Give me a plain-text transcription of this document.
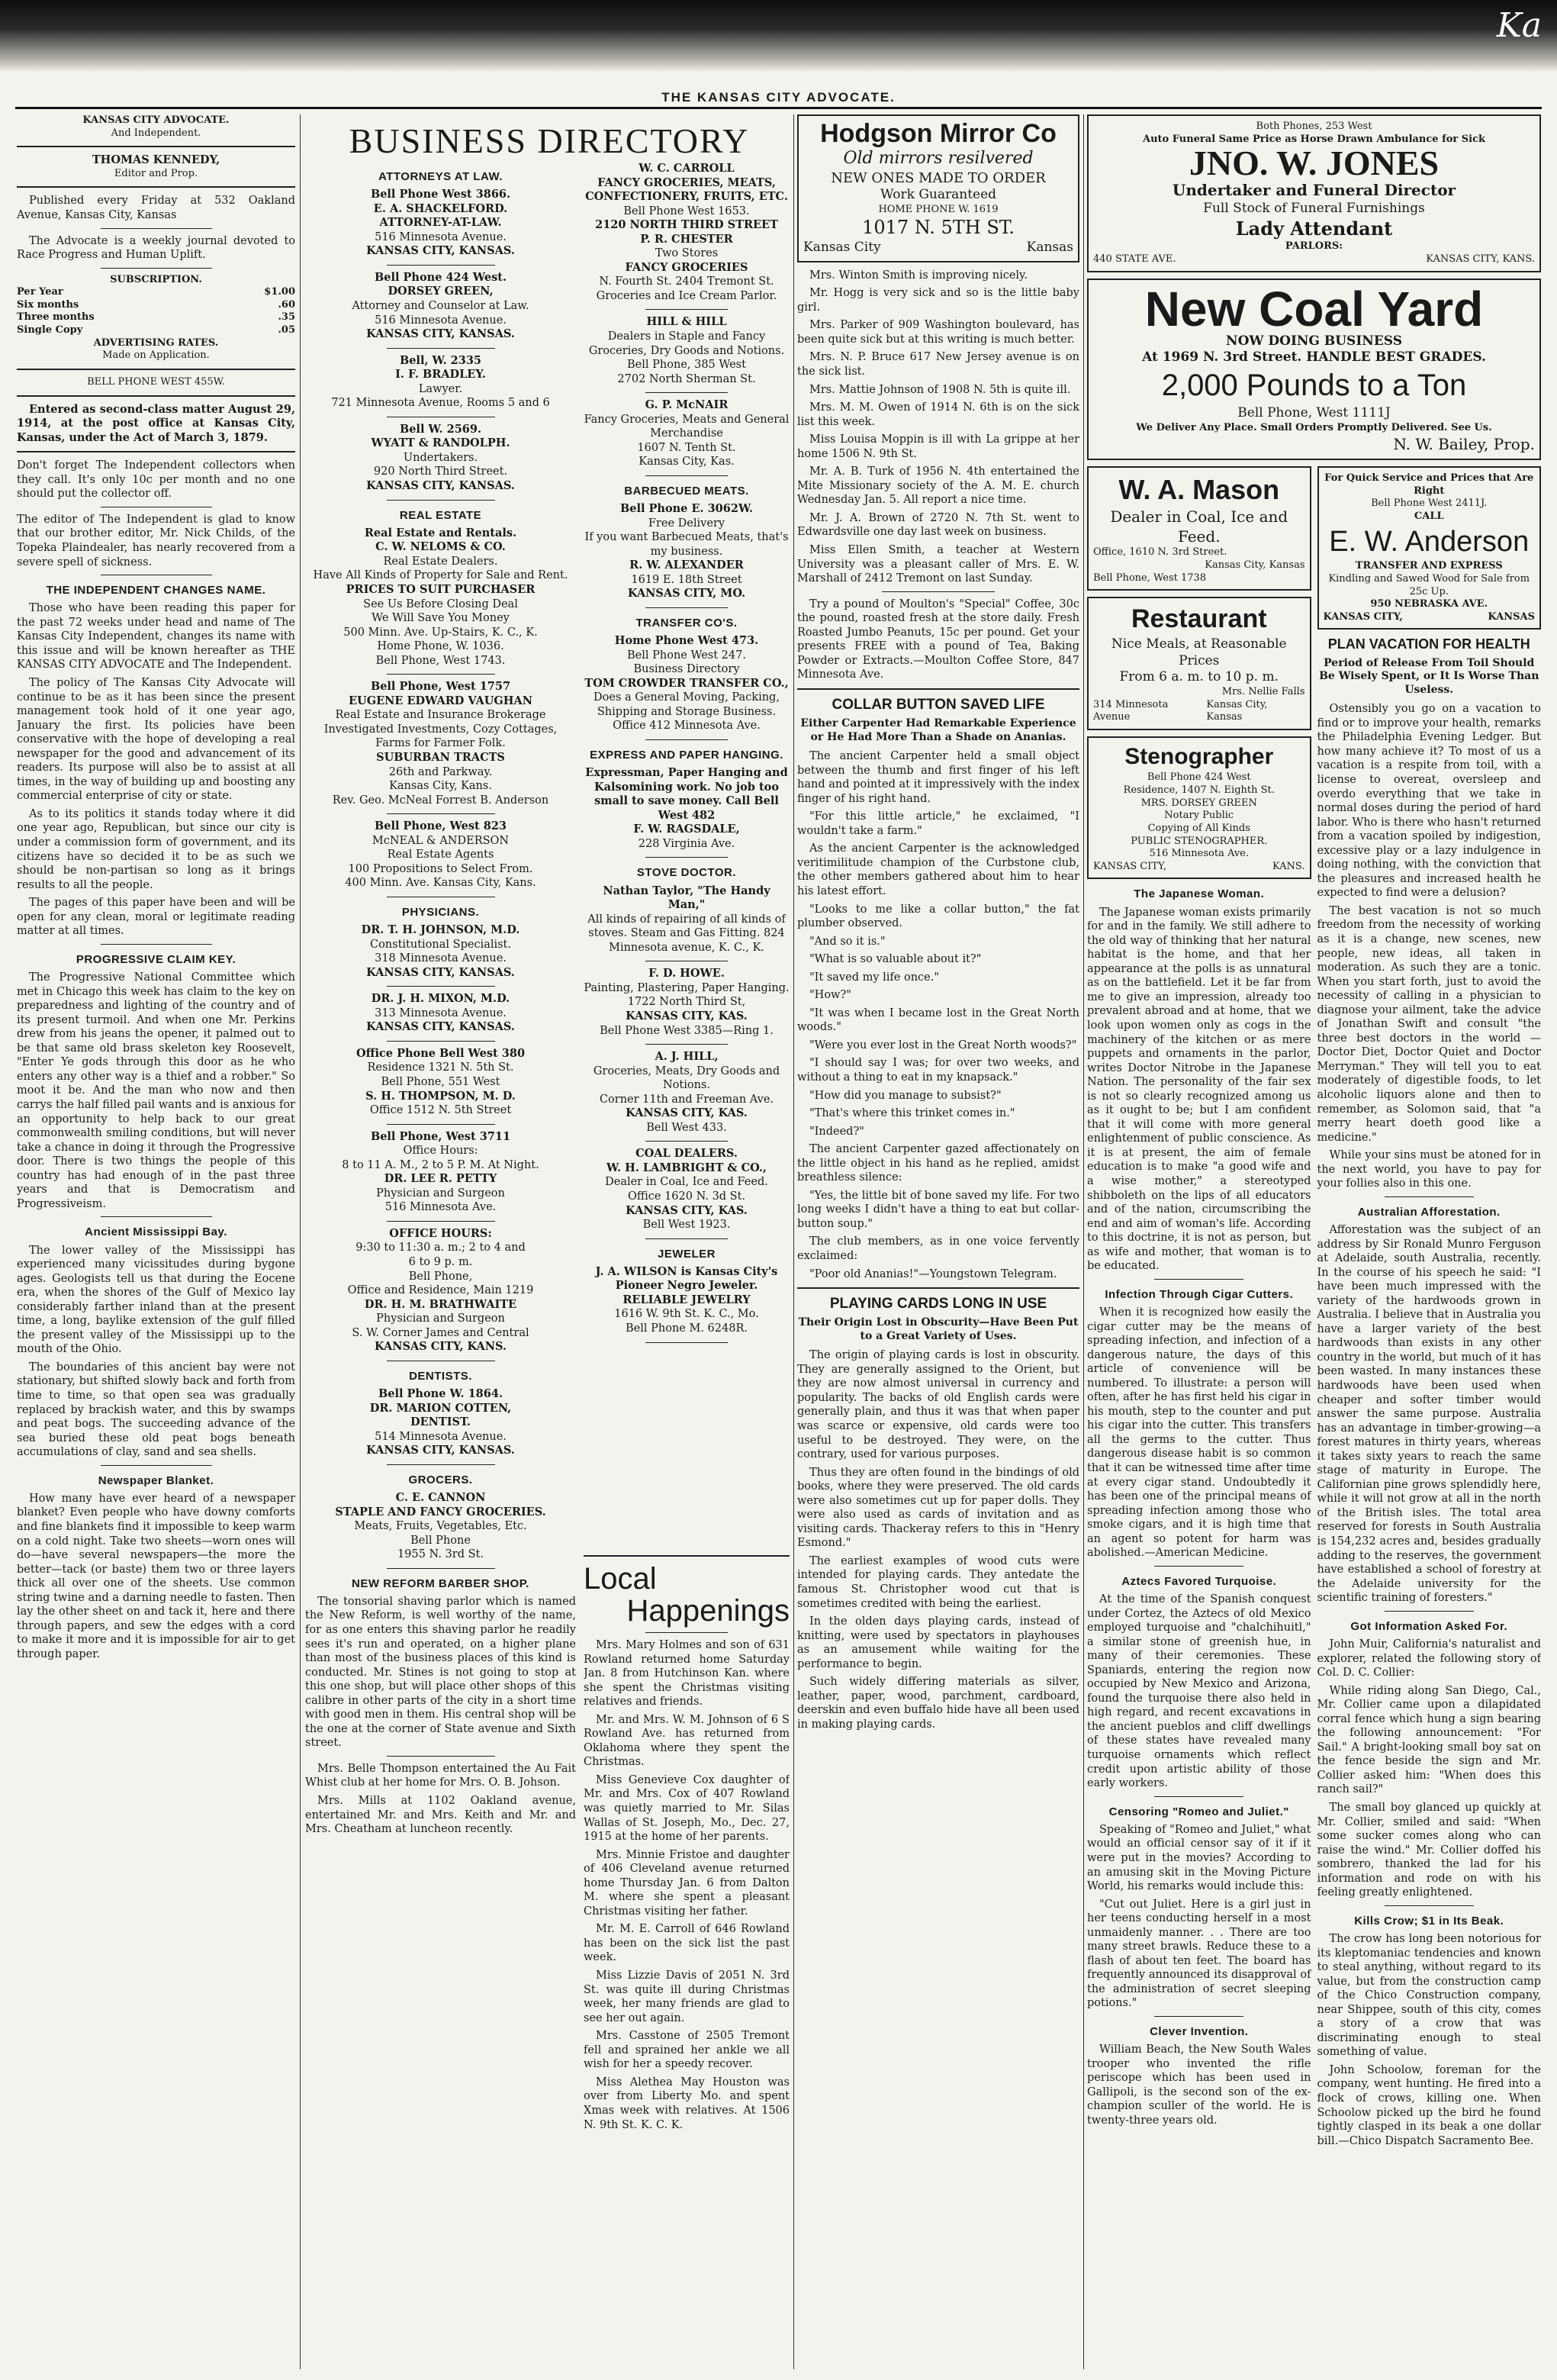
Ka
THE KANSAS CITY ADVOCATE.
BUSINESS DIRECTORY
KANSAS CITY ADVOCATE.
And Independent.
THOMAS KENNEDY,
Editor and Prop.

Published every Friday at 532 Oakland Avenue, Kansas City, Kansas

The Advocate is a weekly journal devoted to Race Progress and Human Uplift.

SUBSCRIPTION.
Per Year	$1.00
Six months	.60
Three months	.35
Single Copy	.05
ADVERTISING RATES.
Made on Application.
BELL PHONE WEST 455W.

Entered as second-class matter August 29, 1914, at the post office at Kansas City, Kansas, under the Act of March 3, 1879.

Don't forget The Independent collectors when they call. It's only 10c per month and no one should put the collector off.

The editor of The Independent is glad to know that our brother editor, Mr. Nick Childs, of the Topeka Plaindealer, has nearly recovered from a severe spell of sickness.

THE INDEPENDENT CHANGES NAME.

Those who have been reading this paper for the past 72 weeks under head and name of The Kansas City Independent, changes its name with this issue and will be known hereafter as THE KANSAS CITY ADVOCATE and The Independent.

The policy of The Kansas City Advocate will continue to be as it has been since the present management took hold of it one year ago, January the first. Its policies have been conservative with the hope of developing a real newspaper for the good and advancement of its readers. Its purpose will also be to assist at all times, in the way of building up and boosting any commercial enterprise of city or state.

As to its politics it stands today where it did one year ago, Republican, but since our city is under a commission form of government, and its citizens have so decided it to be as such we should be non-partisan so long as it brings results to all the people.

The pages of this paper have been and will be open for any clean, moral or legitimate reading matter at all times.

PROGRESSIVE CLAIM KEY.

The Progressive National Committee which met in Chicago this week has claim to the key on preparedness and lighting of the country and of its present turmoil. And when one Mr. Perkins drew from his jeans the opener, it palmed out to be that same old brass skeleton key Roosevelt, "Enter Ye gods through this door as he who enters any other way is a thief and a robber." So moot it be. And the man who now and then carrys the half filled pail wants and is anxious for an opportunity to help back to our great commonwealth smiling conditions, but will never take a chance in doing it through the Progressive door. There is two things the people of this country has had enough of in the past three years and that is Democratism and Progressiveism.

Ancient Mississippi Bay.

The lower valley of the Mississippi has experienced many vicissitudes during bygone ages. Geologists tell us that during the Eocene era, when the shores of the Gulf of Mexico lay considerably farther inland than at the present time, a long, baylike extension of the gulf filled the present valley of the Mississippi up to the mouth of the Ohio.

The boundaries of this ancient bay were not stationary, but shifted slowly back and forth from time to time, so that open sea was gradually replaced by brackish water, and this by swamps and peat bogs. The succeeding advance of the sea buried these old peat bogs beneath accumulations of clay, sand and sea shells.

Newspaper Blanket.

How many have ever heard of a newspaper blanket? Even people who have downy comforts and fine blankets find it impossible to keep warm on a cold night. Take two sheets—worn ones will do—have several newspapers—the more the better—tack (or baste) them two or three layers thick all over one of the sheets. Use common string twine and a darning needle to fasten. Then lay the other sheet on and tack it, here and there through papers, and sew the edges with a cord to make it more and it is impossible for air to get through paper.

ATTORNEYS AT LAW.
Bell Phone West 3866.
E. A. SHACKELFORD.
ATTORNEY-AT-LAW.
516 Minnesota Avenue.
KANSAS CITY, KANSAS.
Bell Phone 424 West.
DORSEY GREEN,
Attorney and Counselor at Law.
516 Minnesota Avenue.
KANSAS CITY, KANSAS.
Bell, W. 2335
I. F. BRADLEY.
Lawyer.
721 Minnesota Avenue, Rooms 5 and 6
Bell W. 2569.
WYATT & RANDOLPH.
Undertakers.
920 North Third Street.
KANSAS CITY, KANSAS.
REAL ESTATE
Real Estate and Rentals.
C. W. NELOMS & CO.
Real Estate Dealers.
Have All Kinds of Property for Sale and Rent.
PRICES TO SUIT PURCHASER
See Us Before Closing Deal
We Will Save You Money
500 Minn. Ave. Up-Stairs, K. C., K.
Home Phone, W. 1036.
Bell Phone, West 1743.
Bell Phone, West 1757
EUGENE EDWARD VAUGHAN
Real Estate and Insurance Brokerage
Investigated Investments, Cozy Cottages, Farms for Farmer Folk.
SUBURBAN TRACTS
26th and Parkway.
Kansas City, Kans.
Rev. Geo. McNeal Forrest B. Anderson
Bell Phone, West 823
McNEAL & ANDERSON
Real Estate Agents
100 Propositions to Select From.
400 Minn. Ave. Kansas City, Kans.
PHYSICIANS.
DR. T. H. JOHNSON, M.D.
Constitutional Specialist.
318 Minnesota Avenue.
KANSAS CITY, KANSAS.
DR. J. H. MIXON, M.D.
313 Minnesota Avenue.
KANSAS CITY, KANSAS.
Office Phone Bell West 380
Residence 1321 N. 5th St.
Bell Phone, 551 West
S. H. THOMPSON, M. D.
Office 1512 N. 5th Street
Bell Phone, West 3711
Office Hours:
8 to 11 A. M., 2 to 5 P. M. At Night.
DR. LEE R. PETTY
Physician and Surgeon
516 Minnesota Ave.
OFFICE HOURS:
9:30 to 11:30 a. m.; 2 to 4 and
6 to 9 p. m.
Bell Phone,
Office and Residence, Main 1219
DR. H. M. BRATHWAITE
Physician and Surgeon
S. W. Corner James and Central
KANSAS CITY, KANS.
DENTISTS.
Bell Phone W. 1864.
DR. MARION COTTEN,
DENTIST.
514 Minnesota Avenue.
KANSAS CITY, KANSAS.
GROCERS.
C. E. CANNON
STAPLE AND FANCY GROCERIES.
Meats, Fruits, Vegetables, Etc.
Bell Phone
1955 N. 3rd St.
NEW REFORM BARBER SHOP.

The tonsorial shaving parlor which is named the New Reform, is well worthy of the name, for as one enters this shaving parlor he readily sees it's run and operated, on a higher plane than most of the business places of this kind is conducted. Mr. Stines is not going to stop at this one shop, but will place other shops of this calibre in other parts of the city in a short time with good men in them. His central shop will be the one at the corner of State avenue and Sixth street.

Mrs. Belle Thompson entertained the Au Fait Whist club at her home for Mrs. O. B. Johson.

Mrs. Mills at 1102 Oakland avenue, entertained Mr. and Mrs. Keith and Mr. and Mrs. Cheatham at luncheon recently.

W. C. CARROLL
FANCY GROCERIES, MEATS, CONFECTIONERY, FRUITS, ETC.
Bell Phone West 1653.
2120 NORTH THIRD STREET
P. R. CHESTER
Two Stores
FANCY GROCERIES
N. Fourth St. 2404 Tremont St.
Groceries and Ice Cream Parlor.
HILL & HILL
Dealers in Staple and Fancy Groceries, Dry Goods and Notions.
Bell Phone, 385 West
2702 North Sherman St.
G. P. McNAIR
Fancy Groceries, Meats and General Merchandise
1607 N. Tenth St.
Kansas City, Kas.
BARBECUED MEATS.
Bell Phone E. 3062W.
Free Delivery
If you want Barbecued Meats, that's my business.
R. W. ALEXANDER
1619 E. 18th Street
KANSAS CITY, MO.
TRANSFER CO'S.
Home Phone West 473.
Bell Phone West 247.
Business Directory
TOM CROWDER TRANSFER CO.,
Does a General Moving, Packing, Shipping and Storage Business.
Office 412 Minnesota Ave.
EXPRESS AND PAPER HANGING.
Expressman, Paper Hanging and Kalsomining work. No job too small to save money. Call Bell West 482
F. W. RAGSDALE,
228 Virginia Ave.
STOVE DOCTOR.
Nathan Taylor, "The Handy Man,"
All kinds of repairing of all kinds of stoves. Steam and Gas Fitting. 824 Minnesota avenue, K. C., K.
F. D. HOWE.
Painting, Plastering, Paper Hanging.
1722 North Third St,
KANSAS CITY, KAS.
Bell Phone West 3385—Ring 1.
A. J. HILL,
Groceries, Meats, Dry Goods and Notions.
Corner 11th and Freeman Ave.
KANSAS CITY, KAS.
Bell West 433.
COAL DEALERS.
W. H. LAMBRIGHT & CO.,
Dealer in Coal, Ice and Feed.
Office 1620 N. 3d St.
KANSAS CITY, KAS.
Bell West 1923.
JEWELER
J. A. WILSON is Kansas City's Pioneer Negro Jeweler.
RELIABLE JEWELRY
1616 W. 9th St. K. C., Mo.
Bell Phone M. 6248R.
Hodgson Mirror Co
Old mirrors resilvered
NEW ONES MADE TO ORDER
Work Guaranteed
HOME PHONE W. 1619
1017 N. 5TH ST.
Kansas City	Kansas

Mrs. Winton Smith is improving nicely.

Mr. Hogg is very sick and so is the little baby girl.

Mrs. Parker of 909 Washington boulevard, has been quite sick but at this writing is much better.

Mrs. N. P. Bruce 617 New Jersey avenue is on the sick list.

Mrs. Mattie Johnson of 1908 N. 5th is quite ill.

Mrs. M. M. Owen of 1914 N. 6th is on the sick list this week.

Miss Louisa Moppin is ill with La grippe at her home 1506 N. 9th St.

Mr. A. B. Turk of 1956 N. 4th entertained the Mite Missionary society of the A. M. E. church Wednesday Jan. 5. All report a nice time.

Mr. J. A. Brown of 2720 N. 7th St. went to Edwardsville one day last week on business.

Miss Ellen Smith, a teacher at Western University was a pleasant caller of Mrs. E. W. Marshall of 2412 Tremont on last Sunday.

Try a pound of Moulton's "Special" Coffee, 30c the pound, roasted fresh at the store daily. Fresh Roasted Jumbo Peanuts, 15c per pound. Get your presents FREE with a pound of Tea, Baking Powder or Extracts.—Moulton Coffee Store, 847 Minnesota Ave.

COLLAR BUTTON SAVED LIFE
Either Carpenter Had Remarkable Experience or He Had More Than a Shade on Ananias.

The ancient Carpenter held a small object between the thumb and first finger of his left hand and pointed at it impressively with the index finger of his right hand.

"For this little article," he exclaimed, "I wouldn't take a farm."

As the ancient Carpenter is the acknowledged veritimilitude champion of the Curbstone club, the other members gathered about him to hear his latest effort.

"Looks to me like a collar button," the fat plumber observed.

"And so it is."

"What is so valuable about it?"

"It saved my life once."

"How?"

"It was when I became lost in the Great North woods."

"Were you ever lost in the Great North woods?"

"I should say I was; for over two weeks, and without a thing to eat in my knapsack."

"How did you manage to subsist?"

"That's where this trinket comes in."

"Indeed?"

The ancient Carpenter gazed affectionately on the little object in his hand as he replied, amidst breathless silence:

"Yes, the little bit of bone saved my life. For two long weeks I didn't have a thing to eat but collar-button soup."

The club members, as in one voice fervently exclaimed:

"Poor old Ananias!"—Youngstown Telegram.

PLAYING CARDS LONG IN USE
Their Origin Lost in Obscurity—Have Been Put to a Great Variety of Uses.

The origin of playing cards is lost in obscurity. They are generally assigned to the Orient, but they are now almost universal in currency and popularity. The backs of old English cards were generally plain, and thus it was that when paper was scarce or expensive, old cards were too useful to be destroyed. They were, on the contrary, used for various purposes.

Thus they are often found in the bindings of old books, where they were preserved. The old cards were also sometimes cut up for paper dolls. They were also used as cards of invitation and as visiting cards. Thackeray refers to this in "Henry Esmond."

The earliest examples of wood cuts were intended for playing cards. They antedate the famous St. Christopher wood cut that is sometimes credited with being the earliest.

In the olden days playing cards, instead of knitting, were used by spectators in playhouses as an amusement while waiting for the performance to begin.

Such widely differing materials as silver, leather, paper, wood, parchment, cardboard, deerskin and even buffalo hide have all been used in making playing cards.

Local
Happenings

Mrs. Mary Holmes and son of 631 Rowland returned home Saturday Jan. 8 from Hutchinson Kan. where she spent the Christmas visiting relatives and friends.

Mr. and Mrs. W. M. Johnson of 6 S Rowland Ave. has returned from Oklahoma where they spent the Christmas.

Miss Genevieve Cox daughter of Mr. and Mrs. Cox of 407 Rowland was quietly married to Mr. Silas Wallas of St. Joseph, Mo., Dec. 27, 1915 at the home of her parents.

Mrs. Minnie Fristoe and daughter of 406 Cleveland avenue returned home Thursday Jan. 6 from Dalton M. where she spent a pleasant Christmas visiting her father.

Mr. M. E. Carroll of 646 Rowland has been on the sick list the past week.

Miss Lizzie Davis of 2051 N. 3rd St. was quite ill during Christmas week, her many friends are glad to see her out again.

Mrs. Casstone of 2505 Tremont fell and sprained her ankle we all wish for her a speedy recover.

Miss Alethea May Houston was over from Liberty Mo. and spent Xmas week with relatives. At 1506 N. 9th St. K. C. K.

Both Phones, 253 West
Auto Funeral Same Price as Horse Drawn Ambulance for Sick
JNO. W. JONES
Undertaker and Funeral Director
Full Stock of Funeral Furnishings
Lady Attendant
PARLORS:
440 STATE AVE.	KANSAS CITY, KANS.
New Coal Yard
NOW DOING BUSINESS
At 1969 N. 3rd Street. HANDLE BEST GRADES.
2,000 Pounds to a Ton
Bell Phone, West 1111J
We Deliver Any Place. Small Orders Promptly Delivered. See Us.
N. W. Bailey, Prop.
W. A. Mason
Dealer in Coal, Ice and Feed.
Office, 1610 N. 3rd Street.
Kansas City, Kansas
Bell Phone, West 1738
Restaurant
Nice Meals, at Reasonable Prices
From 6 a. m. to 10 p. m.
Mrs. Nellie Falls
314 Minnesota Avenue
Kansas City, Kansas
Stenographer
Bell Phone 424 West
Residence, 1407 N. Eighth St.
MRS. DORSEY GREEN
Notary Public
Copying of All Kinds
PUBLIC STENOGRAPHER.
516 Minnesota Ave.
KANSAS CITY,	KANS.
The Japanese Woman.

The Japanese woman exists primarily for and in the family. We still adhere to the old way of thinking that her natural habitat is the home, and that her appearance at the polls is as unnatural as on the battlefield. Let it be far from me to give an impression, already too prevalent abroad and at home, that we look upon women only as cogs in the machinery of the kitchen or as mere puppets and ornaments in the parlor, writes Doctor Nitrobe in the Japanese Nation. The personality of the fair sex is not so clearly recognized among us as it ought to be; but I am confident that it will come with more general enlightenment of public conscience. As it is at present, the aim of female education is to make "a good wife and a wise mother," a stereotyped shibboleth on the lips of all educators and of the nation, circumscribing the end and aim of woman's life. According to this doctrine, it is not as person, but as wife and mother, that woman is to be educated.

Infection Through Cigar Cutters.

When it is recognized how easily the cigar cutter may be the means of spreading infection, and infection of a dangerous nature, the days of this article of convenience will be numbered. To illustrate: a person will often, after he has first held his cigar in his mouth, step to the counter and put his cigar into the cutter. This transfers all the germs to the cutter. Thus dangerous disease habit is so common that it can be witnessed time after time at every cigar stand. Undoubtedly it has been one of the principal means of spreading infection among those who smoke cigars, and it is high time that an agent so potent for harm was abolished.—American Medicine.

Aztecs Favored Turquoise.

At the time of the Spanish conquest under Cortez, the Aztecs of old Mexico employed turquoise and "chalchihuitl," a similar stone of greenish hue, in many of their ceremonies. These Spaniards, entering the region now occupied by New Mexico and Arizona, found the turquoise there also held in high regard, and recent excavations in the ancient pueblos and cliff dwellings of these states have revealed many turquoise ornaments which reflect credit upon artistic ability of those early workers.

Censoring "Romeo and Juliet."

Speaking of "Romeo and Juliet," what would an official censor say of it if it were put in the movies? According to an amusing skit in the Moving Picture World, his remarks would include this:

"Cut out Juliet. Here is a girl just in her teens conducting herself in a most unmaidenly manner. . . There are too many street brawls. Reduce these to a flash of about ten feet. The board has frequently announced its disapproval of the administration of secret sleeping potions."

Clever Invention.

William Beach, the New South Wales trooper who invented the rifle periscope which has been used in Gallipoli, is the second son of the ex-champion sculler of the world. He is twenty-three years old.

For Quick Service and Prices that Are Right
Bell Phone West 2411J.
CALL
E. W. Anderson
TRANSFER AND EXPRESS
Kindling and Sawed Wood for Sale from 25c Up.
950 NEBRASKA AVE.
KANSAS CITY,	KANSAS
PLAN VACATION FOR HEALTH
Period of Release From Toil Should Be Wisely Spent, or It Is Worse Than Useless.

Ostensibly you go on a vacation to find or to improve your health, remarks the Philadelphia Evening Ledger. But how many achieve it? To most of us a vacation is a respite from toil, with a license to overeat, oversleep and overdo everything that we take in normal doses during the period of hard labor. Who is there who hasn't returned from a vacation spoiled by indigestion, excessive play or a lazy indulgence in doing nothing, with the conviction that the pleasures and increased health he expected to find were a delusion?

The best vacation is not so much freedom from the necessity of working as it is a change, new scenes, new people, new ideas, all taken in moderation. As such they are a tonic. When you start forth, just to avoid the necessity of calling in a physician to diagnose your ailment, take the advice of Jonathan Swift and consult "the three best doctors in the world —Doctor Diet, Doctor Quiet and Doctor Merryman." They will tell you to eat moderately of digestible foods, to let alcoholic liquors alone and then to remember, as Solomon said, that "a merry heart doeth good like a medicine."

While your sins must be atoned for in the next world, you have to pay for your follies also in this one.

Australian Afforestation.

Afforestation was the subject of an address by Sir Ronald Munro Ferguson at Adelaide, south Australia, recently. In the course of his speech he said: "I have been much impressed with the variety of the hardwoods grown in Australia. I believe that in Australia you have a larger variety of the best hardwoods than exists in any other country in the world, but much of it has been wasted. In many instances these hardwoods have been used when cheaper and softer timber would answer the same purpose. Australia has an advantage in timber-growing—a forest matures in thirty years, whereas it takes sixty years to reach the same stage of maturity in Europe. The Californian pine grows splendidly here, while it will not grow at all in the north of the British isles. The total area reserved for forests in South Australia is 154,232 acres and, besides gradually adding to the reserves, the government have established a school of forestry at the Adelaide university for the scientific training of foresters."

Got Information Asked For.

John Muir, California's naturalist and explorer, related the following story of Col. D. C. Collier:

While riding along San Diego, Cal., Mr. Collier came upon a dilapidated corral fence which hung a sign bearing the following announcement: "For Sail." A bright-looking small boy sat on the fence beside the sign and Mr. Collier asked him: "When does this ranch sail?"

The small boy glanced up quickly at Mr. Collier, smiled and said: "When some sucker comes along who can raise the wind." Mr. Collier doffed his sombrero, thanked the lad for his information and rode on with his feeling greatly enlightened.

Kills Crow; $1 in Its Beak.

The crow has long been notorious for its kleptomaniac tendencies and known to steal anything, without regard to its value, but from the construction camp of the Chico Construction company, near Shippee, south of this city, comes a story of a crow that was discriminating enough to steal something of value.

John Schoolow, foreman for the company, went hunting. He fired into a flock of crows, killing one. When Schoolow picked up the bird he found tightly clasped in its beak a one dollar bill.—Chico Dispatch Sacramento Bee.
